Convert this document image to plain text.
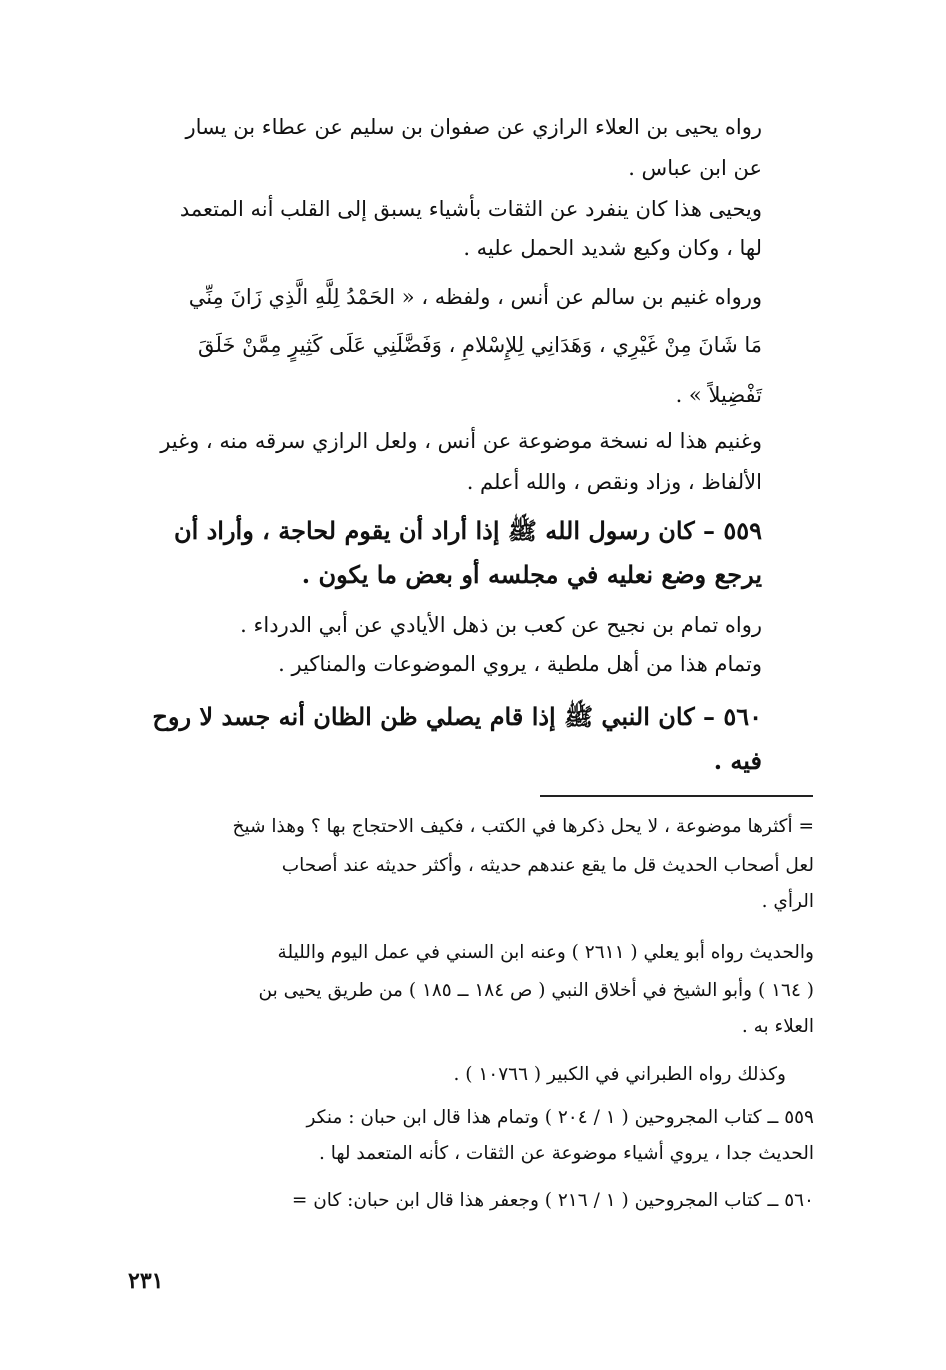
رواه يحيى بن العلاء الرازي عن صفوان بن سليم عن عطاء بن يسار
عن ابن عباس .
ويحيى هذا كان ينفرد عن الثقات بأشياء يسبق إلى القلب أنه المتعمد
لها ، وكان وكيع شديد الحمل عليه .
ورواه غنيم بن سالم عن أنس ، ولفظه ، « الحَمْدُ لِلَّهِ الَّذِي زَانَ مِنِّي
مَا شَانَ مِنْ غَيْرِي ، وَهَدَانِي لِلإِسْلامِ ، وَفَضَّلَنِي عَلَى كَثِيرٍ مِمَّنْ خَلَقَ
تَفْضِيلاً » .
وغنيم هذا له نسخة موضوعة عن أنس ، ولعل الرازي سرقه منه ، وغير
الألفاظ ، وزاد ونقص ، والله أعلم .
٥٥٩ – كان رسول الله ﷺ إذا أراد أن يقوم لحاجة ، وأراد أن
يرجع وضع نعليه في مجلسه أو بعض ما يكون .
رواه تمام بن نجيح عن كعب بن ذهل الأيادي عن أبي الدرداء .
وتمام هذا من أهل ملطية ، يروي الموضوعات والمناكير .
٥٦٠ – كان النبي ﷺ إذا قام يصلي ظن الظان أنه جسد لا روح
فيه .
= أكثرها موضوعة ، لا يحل ذكرها في الكتب ، فكيف الاحتجاج بها ؟ وهذا شيخ
لعل أصحاب الحديث قل ما يقع عندهم حديثه ، وأكثر حديثه عند أصحاب
الرأي .
والحديث رواه أبو يعلي ( ٢٦١١ ) وعنه ابن السني في عمل اليوم والليلة
( ١٦٤ ) وأبو الشيخ في أخلاق النبي ( ص ١٨٤ ــ ١٨٥ ) من طريق يحيى بن
العلاء به .
وكذلك رواه الطبراني في الكبير ( ١٠٧٦٦ ) .
٥٥٩ ــ كتاب المجروحين ( ١ / ٢٠٤ ) وتمام هذا قال ابن حبان : منكر
الحديث جدا ، يروي أشياء موضوعة عن الثقات ، كأنه المتعمد لها .
٥٦٠ ــ كتاب المجروحين ( ١ / ٢١٦ ) وجعفر هذا قال ابن حبان: كان =
٢٣١
